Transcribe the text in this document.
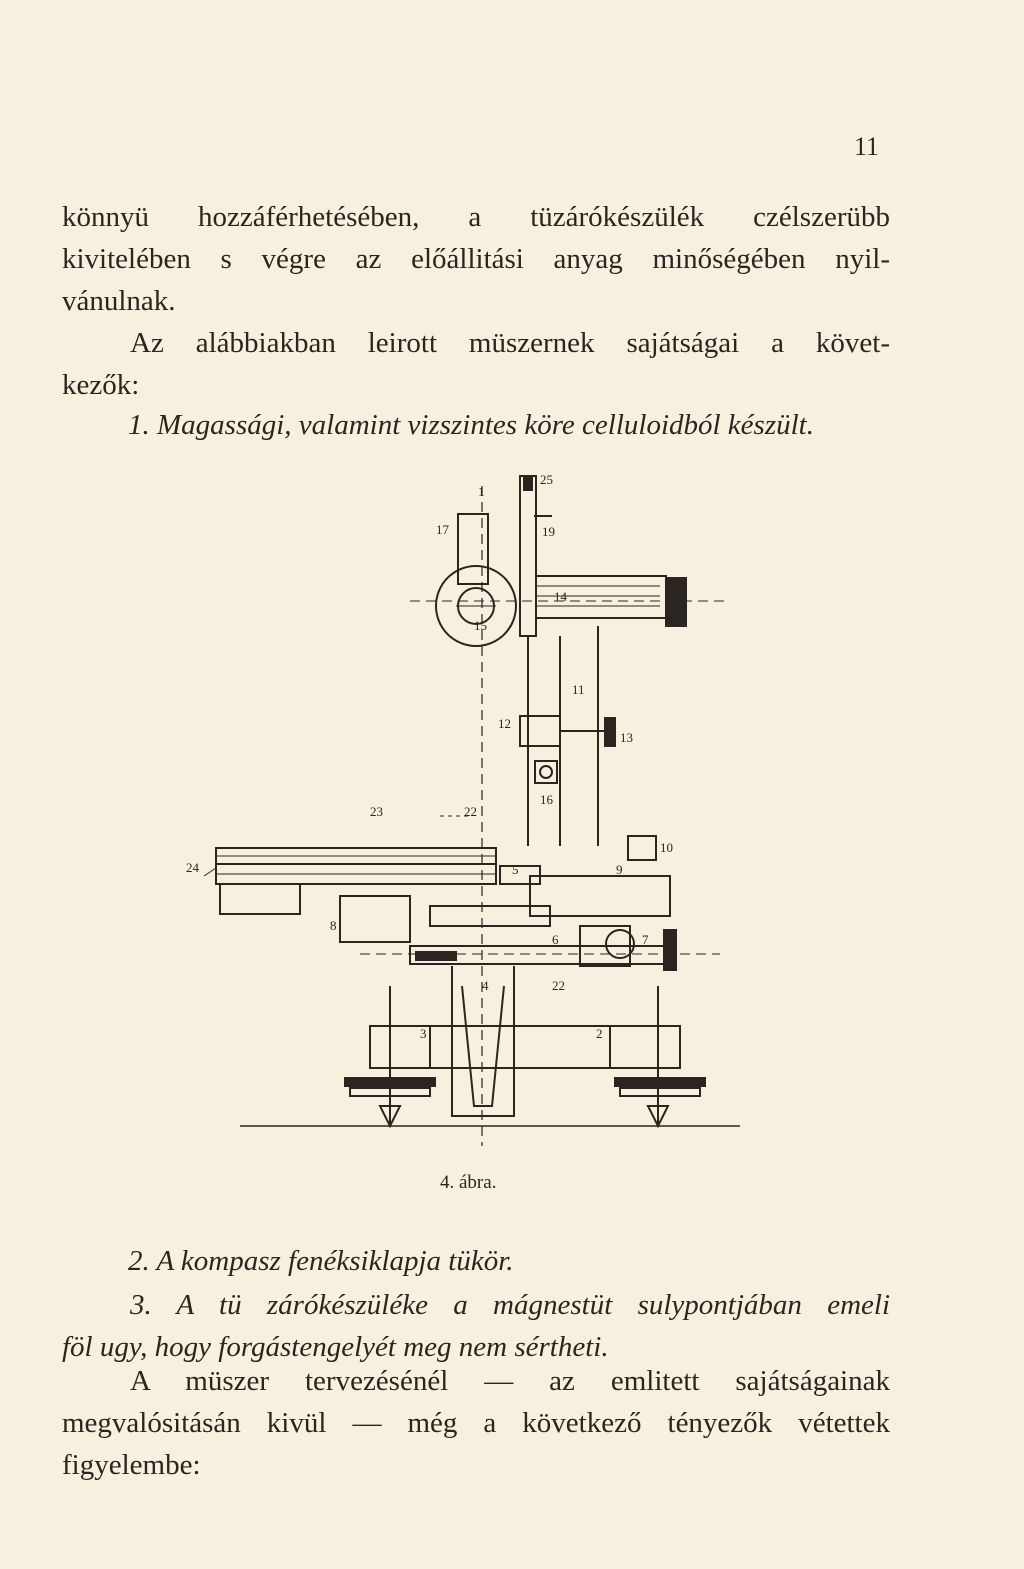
11
könnyü hozzáférhetésében, a tüzárókészülék czélszerübb
kivitelében s végre az előállitási anyag minőségében nyil-
vánulnak.
Az alábbiakban leirott müszernek sajátságai a követ-
kezők:
1. Magassági, valamint vizszintes köre celluloidból készült.
1
25
17	19
14
15
11
12
13
16
23	22
10
24	5	9
8
6	7
4	22
3	2
4. ábra.
2. A kompasz fenéksiklapja tükör.
3. A tü zárókészüléke a mágnestüt sulypontjában emeli
föl ugy, hogy forgástengelyét meg nem sértheti.
A müszer tervezésénél — az emlitett sajátságainak
megvalósitásán kivül — még a következő tényezők vétettek
figyelembe:
